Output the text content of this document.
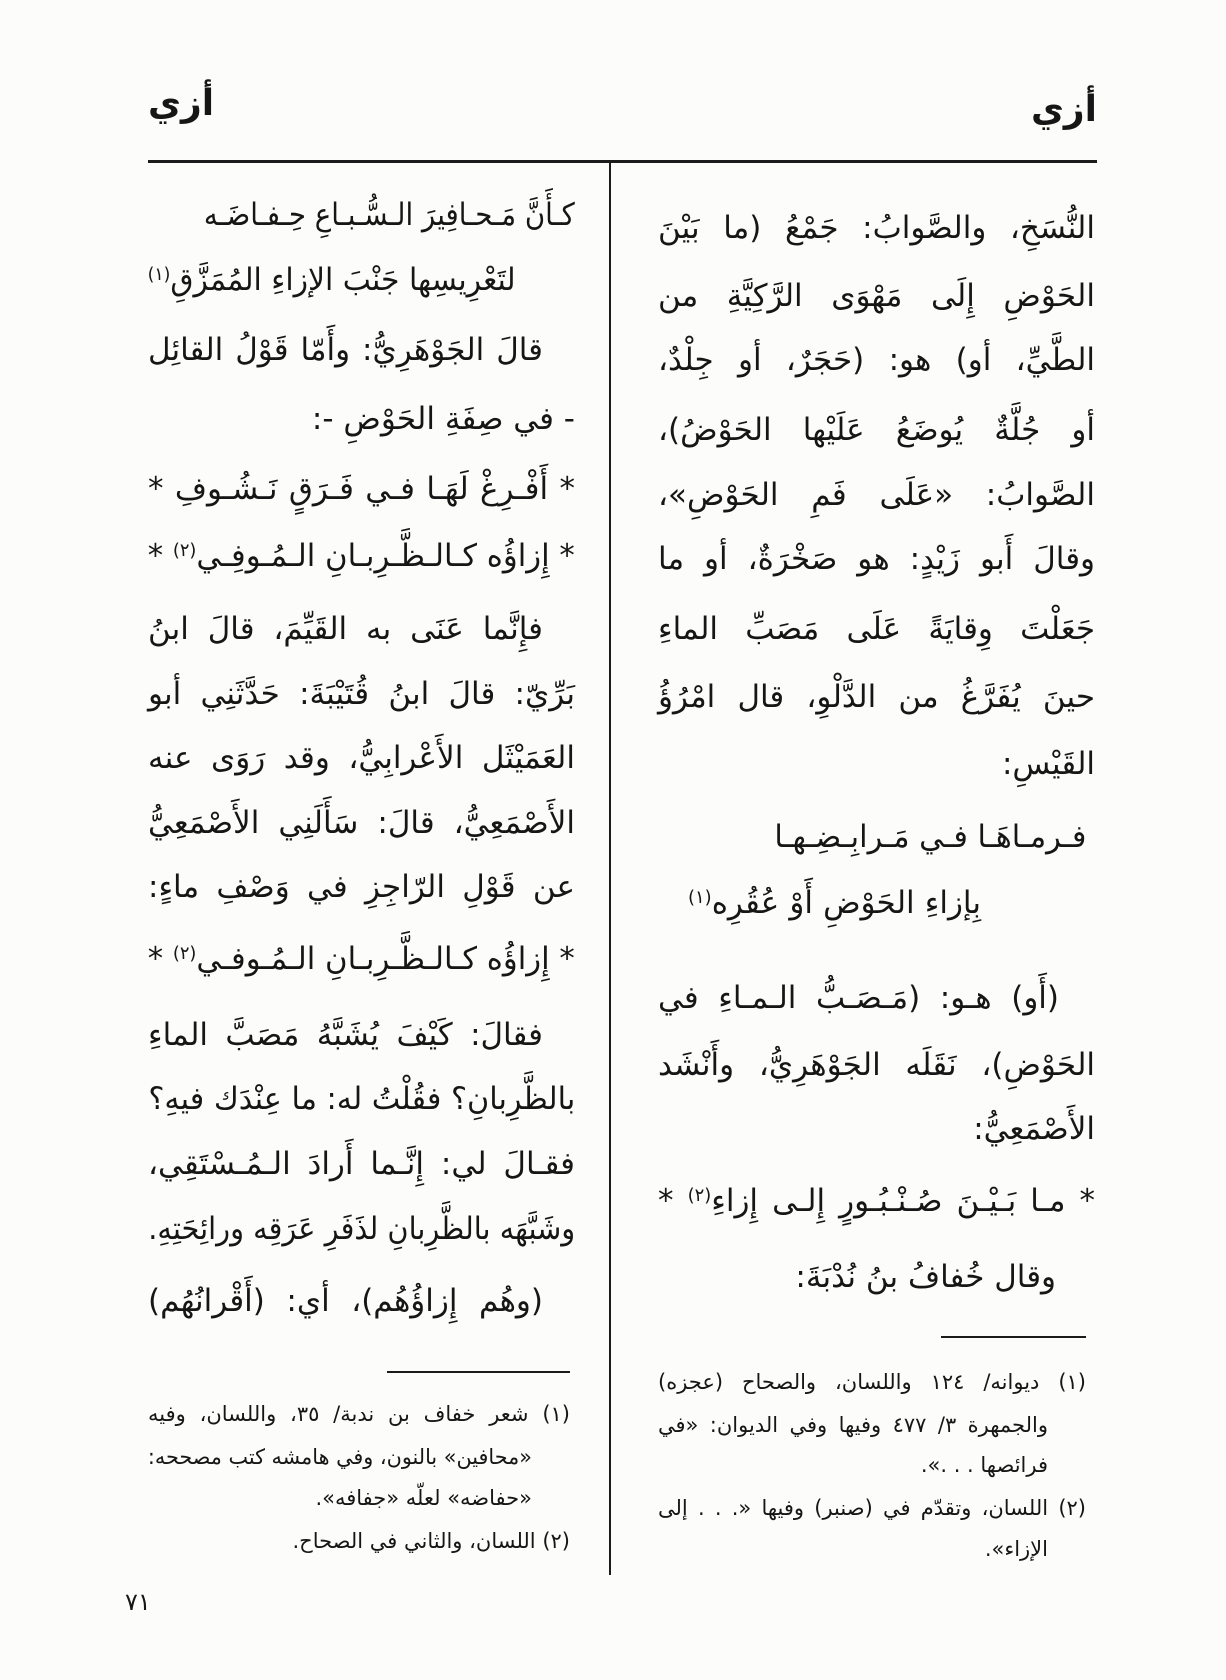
أزي
أزي
النُّسَخِ، والصَّوابُ: جَمْعُ (ما بَيْنَ
الحَوْضِ إِلَى مَهْوَى الرَّكِيَّةِ من
الطَّيِّ، أو) هو: (حَجَرٌ، أو جِلْدٌ،
أو جُلَّةٌ يُوضَعُ عَلَيْها الحَوْضُ)،
الصَّوابُ: «عَلَى فَمِ الحَوْضِ»،
وقالَ أَبو زَيْدٍ: هو صَخْرَةٌ، أو ما
جَعَلْتَ وِقايَةً عَلَى مَصَبِّ الماءِ
حينَ يُفَرَّغُ من الدَّلْوِ، قال امْرُؤُ
القَيْسِ:
فـرمـاهَـا فـي مَـرابِـضِـهـا
بِإزاءِ الحَوْضِ أَوْ عُقُرِه$^{(١)}$
(أَو) هـو: (مَـصَـبُّ الـمـاءِ في
الحَوْضِ)، نَقَلَه الجَوْهَرِيُّ، وأَنْشَد
الأَصْمَعِيُّ:
* مـا بَـيْـنَ صُـنْـبُـورٍ إِلـى إِزاءِ$^{(٢)}$ *
وقال خُفافُ بنُ نُدْبَةَ:
(١) ديوانه/ ١٢٤ واللسان، والصحاح (عجزه)
والجمهرة ٣/ ٤٧٧ وفيها وفي الديوان: «في
فرائصها . . .».
(٢) اللسان، وتقدّم في (صنبر) وفيها «. . . إلى
الإزاء».
كـأَنَّ مَـحـافِيرَ الـسُّـبـاعِ حِـفـاضَـه
لتَعْرِيسِها جَنْبَ الإزاءِ المُمَزَّقِ$^{(١)}$
قالَ الجَوْهَرِيُّ: وأَمّا قَوْلُ القائِل
- في صِفَةِ الحَوْضِ -:
* أَفْـرِغْ لَهَـا فـي فَـرَقٍ نَـشُـوفِ *
* إِزاؤُه كـالـظَّـرِبـانِ الـمُـوفِـي$^{(٢)}$ *
فإِنَّما عَنَى به القَيِّمَ، قالَ ابنُ
بَرِّيّ: قالَ ابنُ قُتَيْبَةَ: حَدَّثَنِي أبو
العَمَيْثَل الأَعْرابِيُّ، وقد رَوَى عنه
الأَصْمَعِيُّ، قالَ: سَأَلَنِي الأَصْمَعِيُّ
عن قَوْلِ الرّاجِزِ في وَصْفِ ماءٍ:
* إِزاؤُه كـالـظَّـرِبـانِ الـمُـوفـي$^{(٢)}$ *
فقالَ: كَيْفَ يُشَبَّهُ مَصَبَّ الماءِ
بالظَّرِبانِ؟ فقُلْتُ له: ما عِنْدَك فيهِ؟
فقـالَ لي: إِنَّـما أَرادَ الـمُـسْتَقِي،
وشَبَّهَه بالظَّرِبانِ لذَفَرِ عَرَقِه ورائِحَتِهِ.
(وهُم إِزاؤُهُم)، أي: (أَقْرانُهُم)
(١) شعر خفاف بن ندبة/ ٣٥، واللسان، وفيه
«محافين» بالنون، وفي هامشه كتب مصححه:
«حفاضه» لعلّه «جفافه».
(٢) اللسان، والثاني في الصحاح.
٧١
